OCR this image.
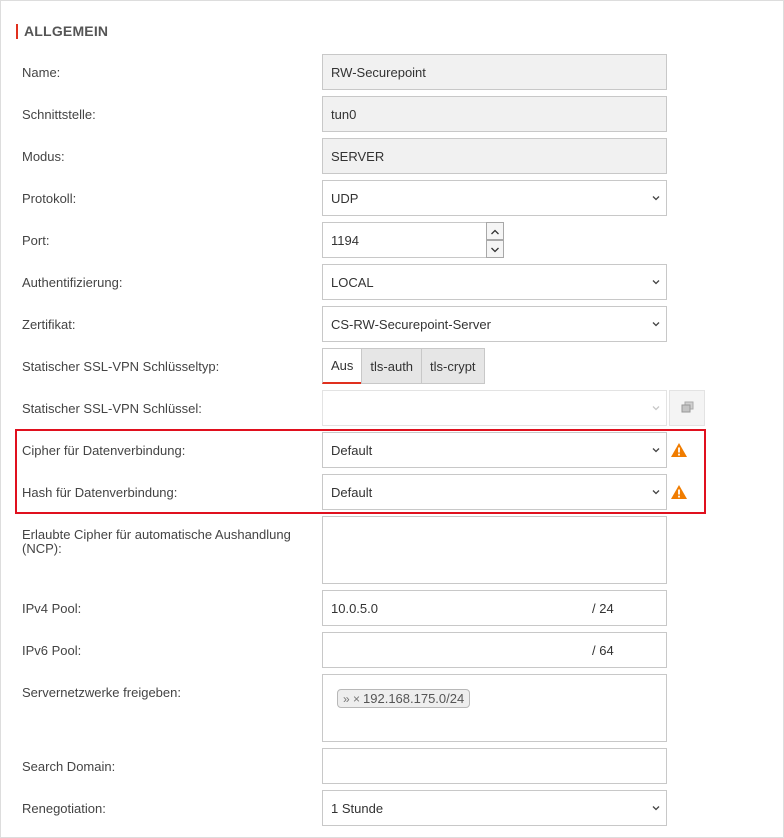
ALLGEMEIN
Name:	RW-Securepoint
Schnittstelle:	tun0
Modus:	SERVER
Protokoll:	UDP
Port:	1194
Authentifizierung:	LOCAL
Zertifikat:	CS-RW-Securepoint-Server
Statischer SSL-VPN Schlüsseltyp:	Aus	tls-auth	tls-crypt
Statischer SSL-VPN Schlüssel:
Cipher für Datenverbindung:	Default
Hash für Datenverbindung:	Default
Erlaubte Cipher für automatische Aushandlung
(NCP):
IPv4 Pool:	10.0.5.0	/ 24
IPv6 Pool:	/ 64
Servernetzwerke freigeben:	» × 192.168.175.0/24
Search Domain:
Renegotiation:	1 Stunde
